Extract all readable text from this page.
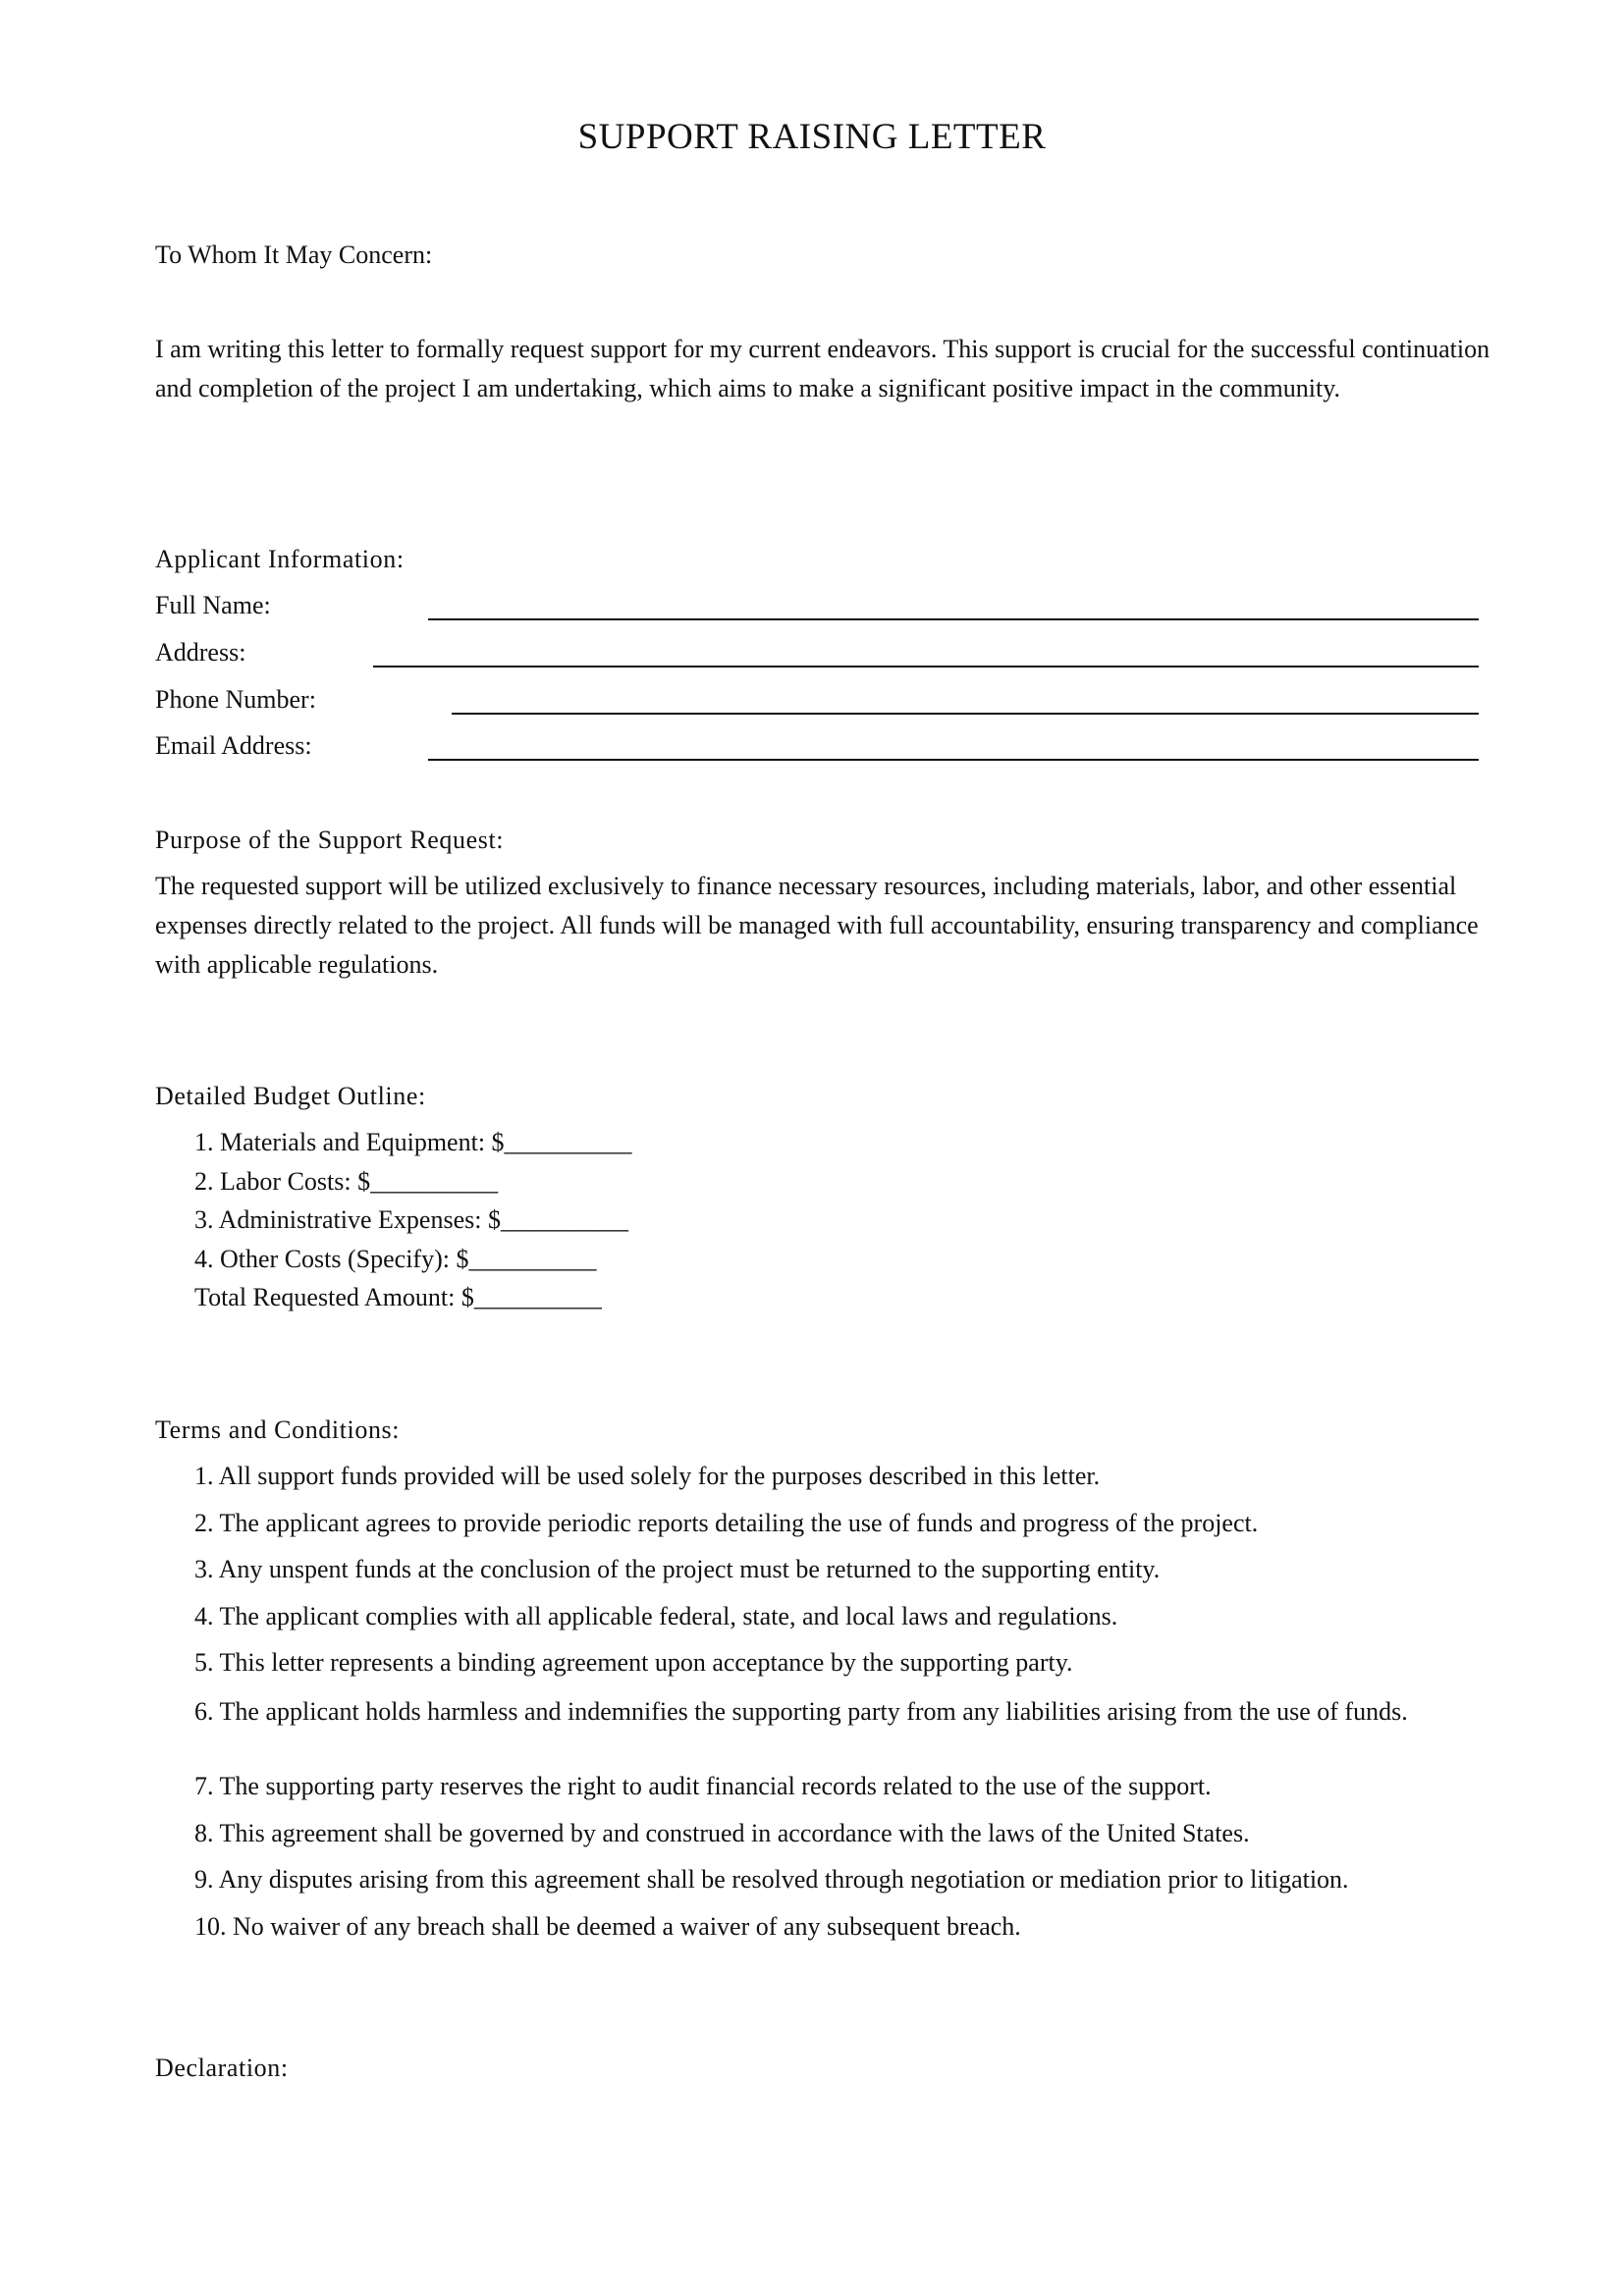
SUPPORT RAISING LETTER

To Whom It May Concern:

I am writing this letter to formally request support for my current endeavors. This support is crucial for the successful continuation and completion of the project I am undertaking, which aims to make a significant positive impact in the community.

Applicant Information:
Full Name:
Address:
Phone Number:
Email Address:
Purpose of the Support Request:

The requested support will be utilized exclusively to finance necessary resources, including materials, labor, and other essential expenses directly related to the project. All funds will be managed with full accountability, ensuring transparency and compliance with applicable regulations.

Detailed Budget Outline:

1. Materials and Equipment: $__________

2. Labor Costs: $__________

3. Administrative Expenses: $__________

4. Other Costs (Specify): $__________

Total Requested Amount: $__________

Terms and Conditions:

1. All support funds provided will be used solely for the purposes described in this letter.

2. The applicant agrees to provide periodic reports detailing the use of funds and progress of the project.

3. Any unspent funds at the conclusion of the project must be returned to the supporting entity.

4. The applicant complies with all applicable federal, state, and local laws and regulations.

5. This letter represents a binding agreement upon acceptance by the supporting party.

6. The applicant holds harmless and indemnifies the supporting party from any liabilities arising from the use of funds.

7. The supporting party reserves the right to audit financial records related to the use of the support.

8. This agreement shall be governed by and construed in accordance with the laws of the United States.

9. Any disputes arising from this agreement shall be resolved through negotiation or mediation prior to litigation.

10. No waiver of any breach shall be deemed a waiver of any subsequent breach.

Declaration:
